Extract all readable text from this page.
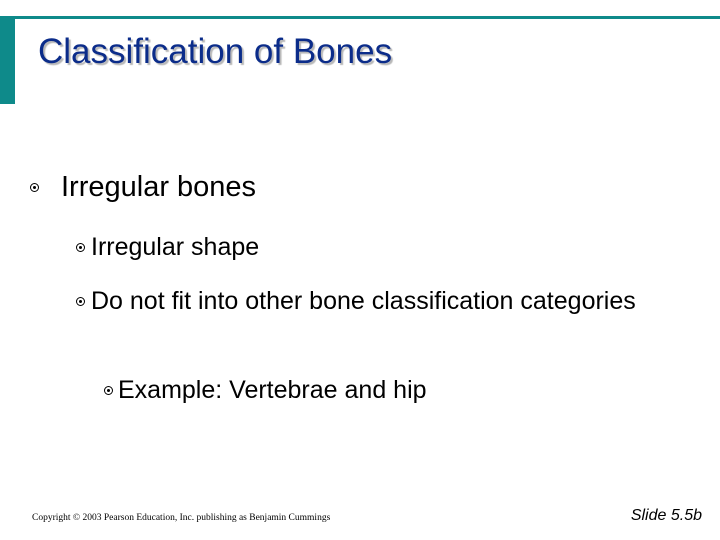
Classification of Bones
Irregular bones
Irregular shape
Do not fit into other bone classification categories
Example: Vertebrae and hip
Copyright © 2003 Pearson Education, Inc. publishing as Benjamin Cummings	Slide 5.5b
